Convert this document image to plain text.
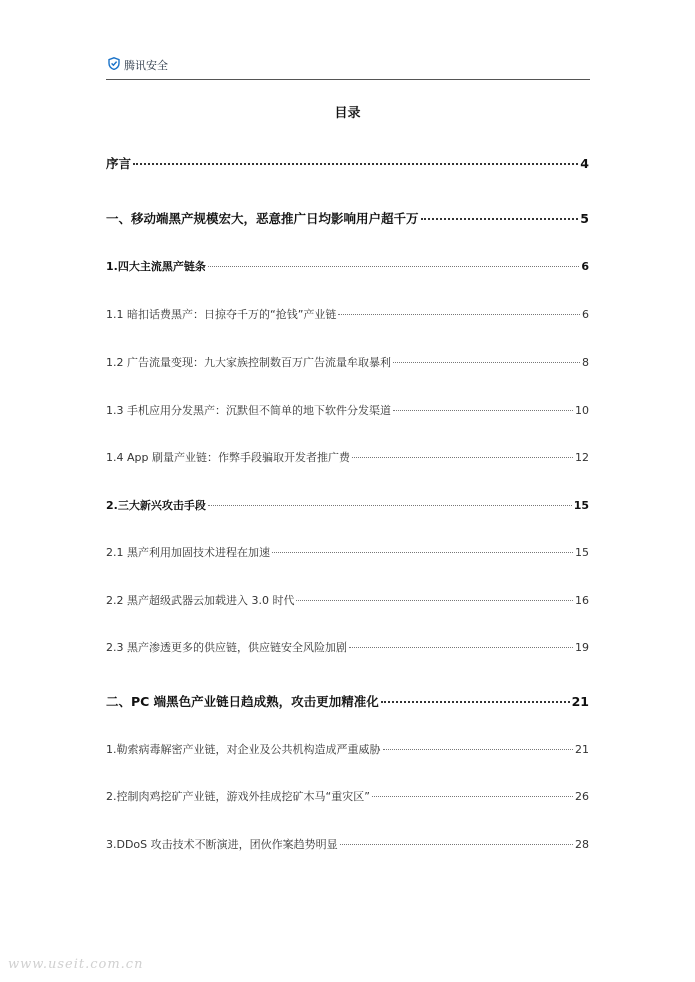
腾讯安全
目录
序言	4
一、移动端黑产规模宏大，恶意推广日均影响用户超千万	5
1.四大主流黑产链条	6
1.1 暗扣话费黑产：日掠夺千万的“抢钱”产业链	6
1.2 广告流量变现：九大家族控制数百万广告流量牟取暴利	8
1.3 手机应用分发黑产：沉默但不简单的地下软件分发渠道	10
1.4 App 刷量产业链：作弊手段骗取开发者推广费	12
2.三大新兴攻击手段	15
2.1 黑产利用加固技术进程在加速	15
2.2 黑产超级武器云加载进入 3.0 时代	16
2.3 黑产渗透更多的供应链，供应链安全风险加剧	19
二、PC 端黑色产业链日趋成熟，攻击更加精准化	21
1.勒索病毒解密产业链，对企业及公共机构造成严重威胁	21
2.控制肉鸡挖矿产业链，游戏外挂成挖矿木马“重灾区”	26
3.DDoS 攻击技术不断演进，团伙作案趋势明显	28
www.useit.com.cn
